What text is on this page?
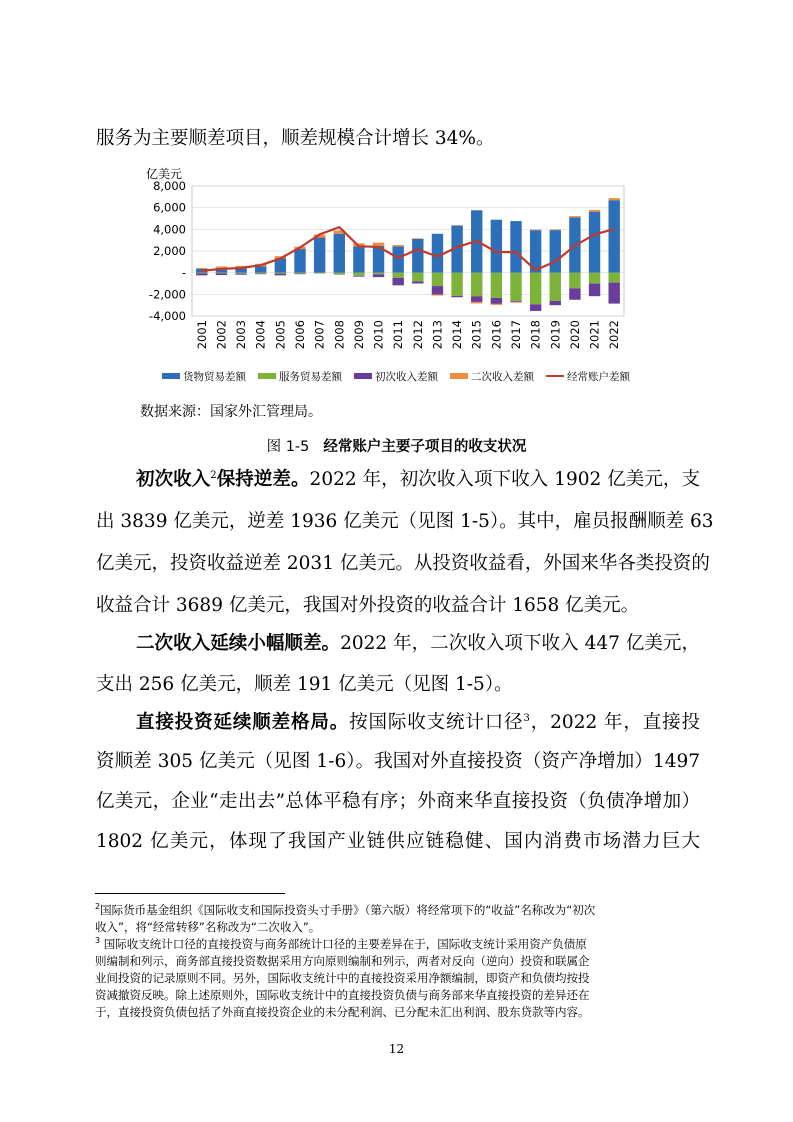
服务为主要顺差项目，顺差规模合计增长 34%。
亿美元
8,000
6,000
4,000
2,000
-
-2,000
-4,000
2001 2002 2003 2004 2005 2006 2007 2008 2009 2010 2011 2012 2013 2014 2015 2016 2017 2018 2019 2020 2021 2022
货物贸易差额	服务贸易差额	初次收入差额	二次收入差额	经常账户差额
数据来源：国家外汇管理局。
图 1-5 经常账户主要子项目的收支状况
初次收入$^2$保持逆差。2022 年，初次收入项下收入 1902 亿美元，支
出 3839 亿美元，逆差 1936 亿美元（见图 1-5）。其中，雇员报酬顺差 63
亿美元，投资收益逆差 2031 亿美元。从投资收益看，外国来华各类投资的
收益合计 3689 亿美元，我国对外投资的收益合计 1658 亿美元。
二次收入延续小幅顺差。2022 年，二次收入项下收入 447 亿美元，
支出 256 亿美元，顺差 191 亿美元（见图 1-5）。
直接投资延续顺差格局。按国际收支统计口径$^3$，2022 年，直接投
资顺差 305 亿美元（见图 1-6）。我国对外直接投资（资产净增加）1497
亿美元，企业“走出去”总体平稳有序；外商来华直接投资（负债净增加）
1802 亿美元，体现了我国产业链供应链稳健、国内消费市场潜力巨大
$^2$国际货币基金组织《国际收支和国际投资头寸手册》（第六版）将经常项下的“收益”名称改为“初次
收入”，将“经常转移”名称改为“二次收入”。
$^3$ 国际收支统计口径的直接投资与商务部统计口径的主要差异在于，国际收支统计采用资产负债原
则编制和列示，商务部直接投资数据采用方向原则编制和列示，两者对反向（逆向）投资和联属企
业间投资的记录原则不同。另外，国际收支统计中的直接投资采用净额编制，即资产和负债均按投
资减撤资反映。除上述原则外，国际收支统计中的直接投资负债与商务部来华直接投资的差异还在
于，直接投资负债包括了外商直接投资企业的未分配利润、已分配未汇出利润、股东贷款等内容。
12
